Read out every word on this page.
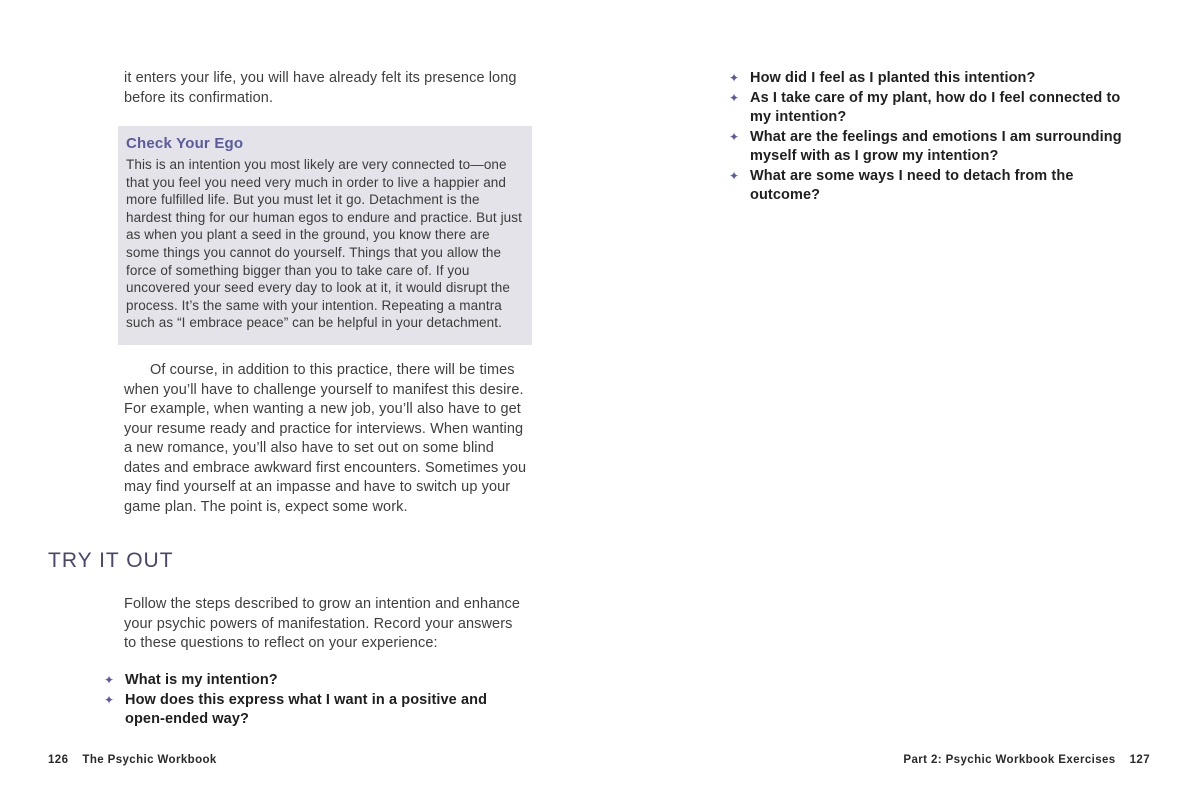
it enters your life, you will have already felt its presence long before its confirmation.

Check Your Ego

This is an intention you most likely are very connected to—one that you feel you need very much in order to live a happier and more fulfilled life. But you must let it go. Detachment is the hardest thing for our human egos to endure and practice. But just as when you plant a seed in the ground, you know there are some things you cannot do yourself. Things that you allow the force of something bigger than you to take care of. If you uncovered your seed every day to look at it, it would disrupt the process. It’s the same with your intention. Repeating a mantra such as “I embrace peace” can be helpful in your detachment.

Of course, in addition to this practice, there will be times when you’ll have to challenge yourself to manifest this desire. For example, when wanting a new job, you’ll also have to get your resume ready and practice for interviews. When wanting a new romance, you’ll also have to set out on some blind dates and embrace awkward first encounters. Sometimes you may find yourself at an impasse and have to switch up your game plan. The point is, expect some work.

TRY IT OUT

Follow the steps described to grow an intention and enhance your psychic powers of manifestation. Record your answers to these questions to reflect on your experience:

✦ What is my intention?
✦ How does this express what I want in a positive and open-ended way?
126 The Psychic Workbook
✦ How did I feel as I planted this intention?
✦ As I take care of my plant, how do I feel connected to my intention?
✦ What are the feelings and emotions I am surrounding myself with as I grow my intention?
✦ What are some ways I need to detach from the outcome?
Part 2: Psychic Workbook Exercises 127
